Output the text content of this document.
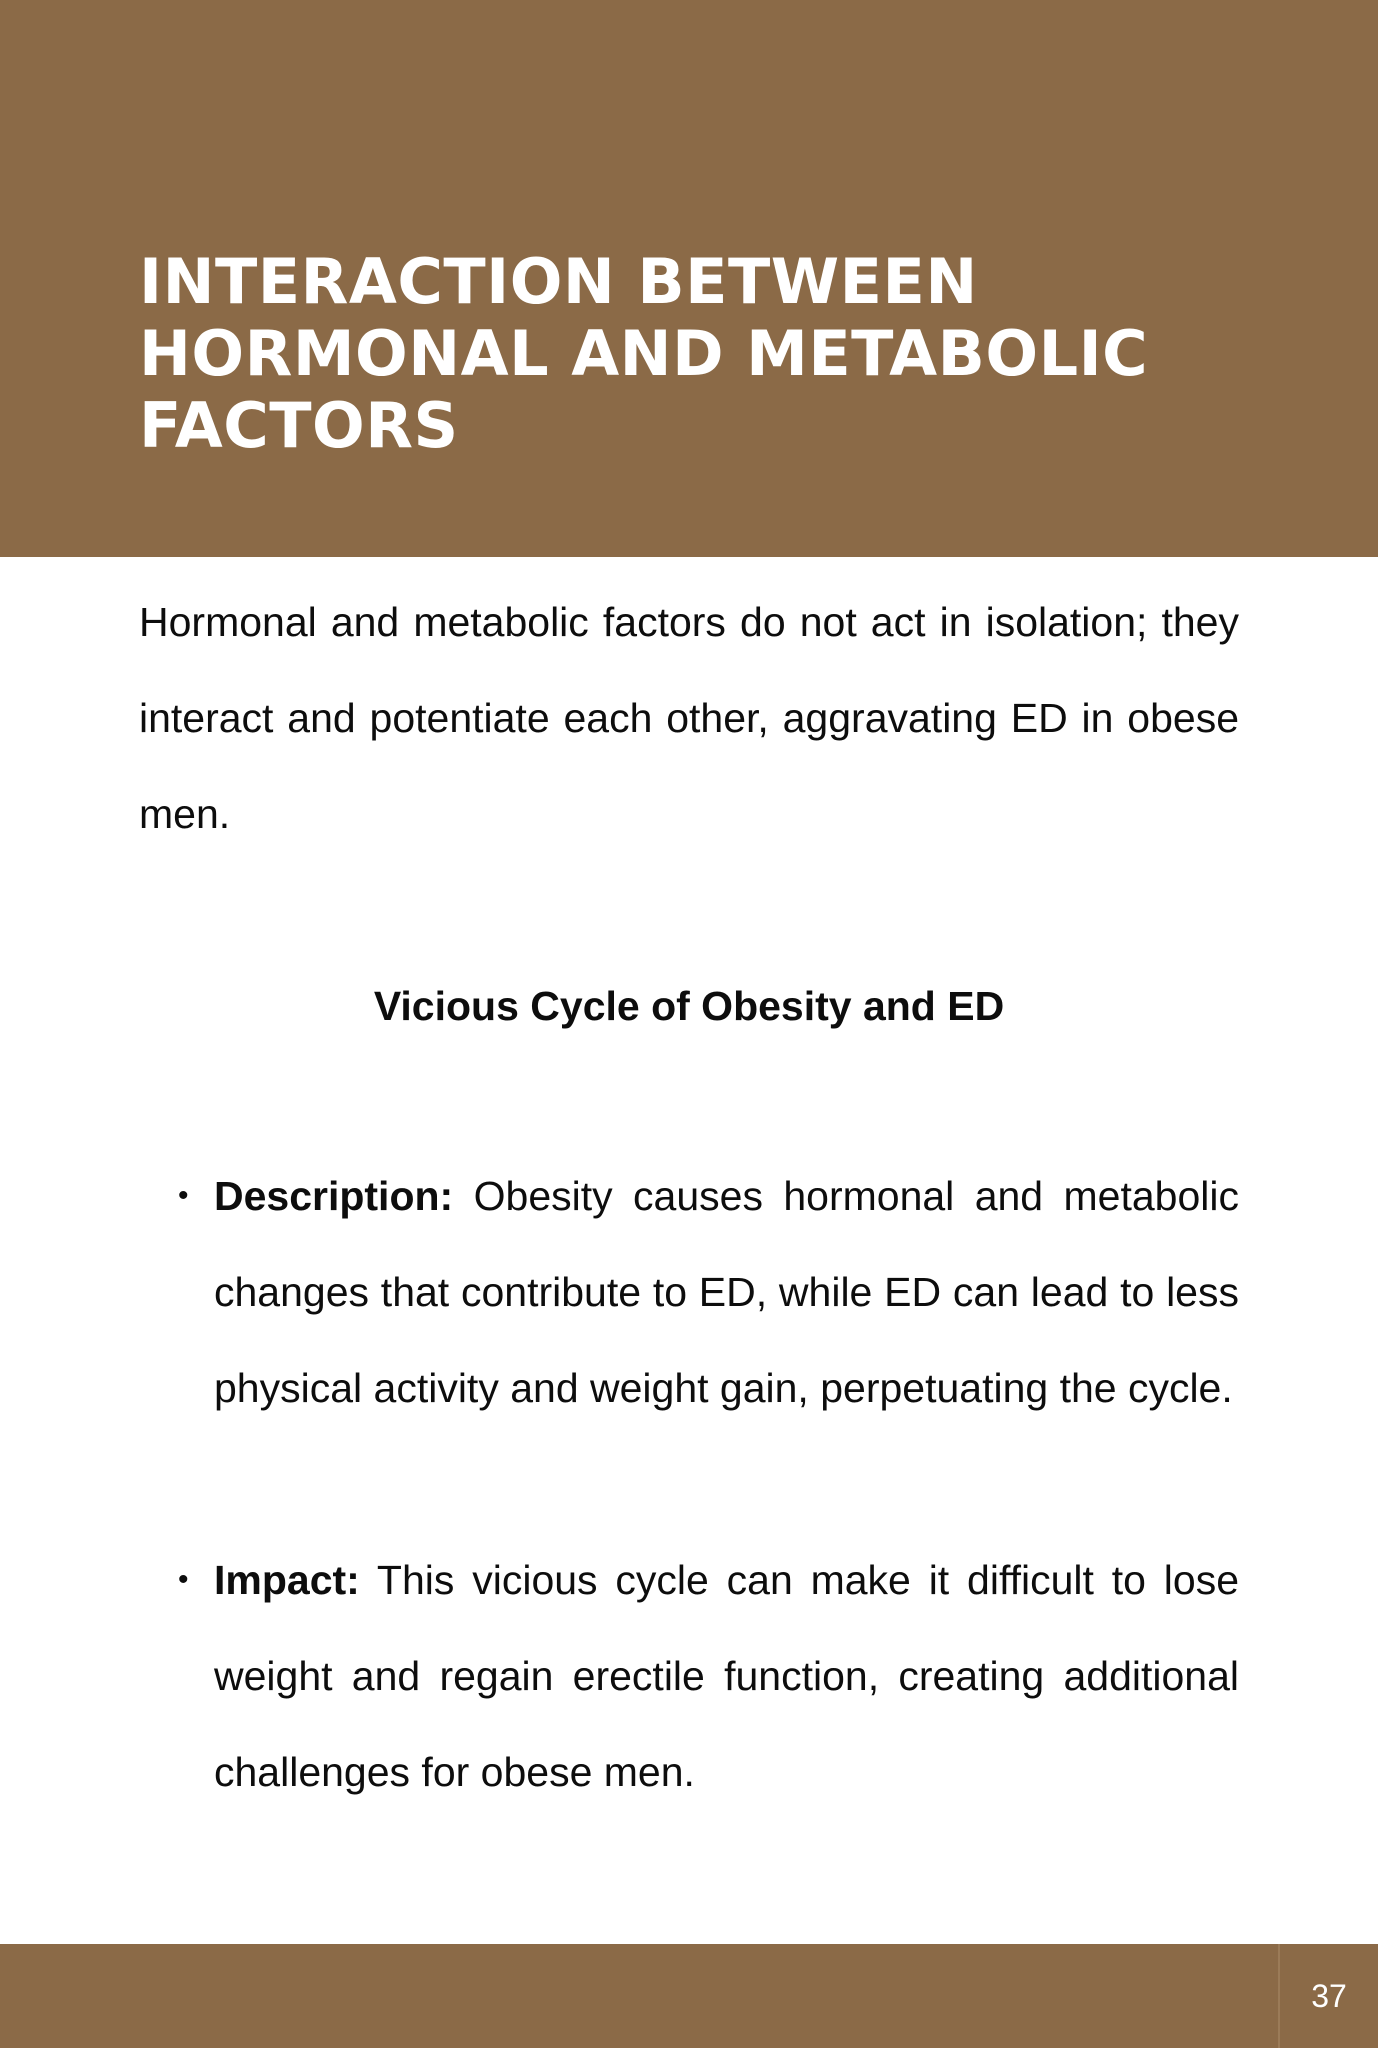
INTERACTION BETWEEN HORMONAL AND METABOLIC FACTORS

Hormonal and metabolic factors do not act in isolation; they interact and potentiate each other, aggravating ED in obese men.

Vicious Cycle of Obesity and ED
• Description: Obesity causes hormonal and metabolic changes that contribute to ED, while ED can lead to less physical activity and weight gain, perpetuating the cycle.
• Impact: This vicious cycle can make it difficult to lose weight and regain erectile function, creating additional challenges for obese men.
37
